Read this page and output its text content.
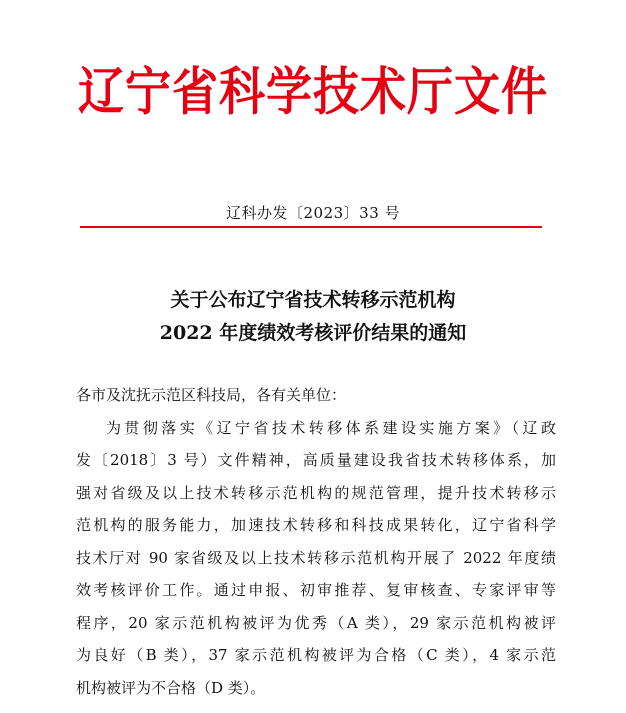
辽宁省科学技术厅文件
辽科办发〔2023〕33 号
关于公布辽宁省技术转移示范机构
2022 年度绩效考核评价结果的通知
各市及沈抚示范区科技局，各有关单位：
为贯彻落实《辽宁省技术转移体系建设实施方案》（辽政
发〔2018〕3 号）文件精神，高质量建设我省技术转移体系，加
强对省级及以上技术转移示范机构的规范管理，提升技术转移示
范机构的服务能力，加速技术转移和科技成果转化，辽宁省科学
技术厅对 90 家省级及以上技术转移示范机构开展了 2022 年度绩
效考核评价工作。通过申报、初审推荐、复审核查、专家评审等
程序，20 家示范机构被评为优秀（A 类），29 家示范机构被评
为良好（B 类），37 家示范机构被评为合格（C 类），4 家示范
机构被评为不合格（D 类）。
